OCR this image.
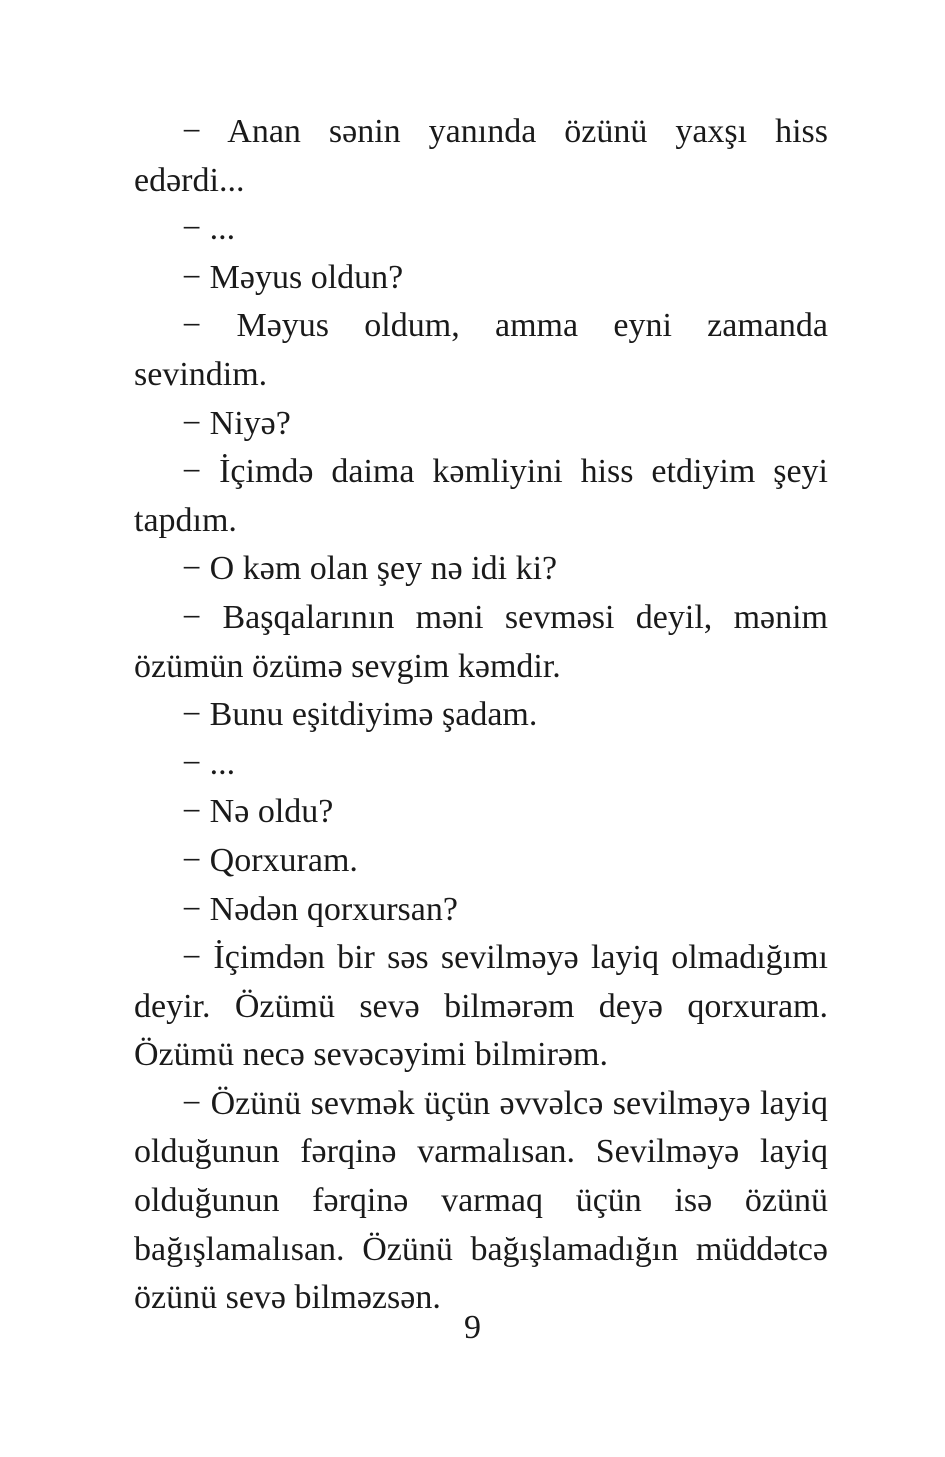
− Anan sənin yanında özünü yaxşı hiss edərdi...

− ...

− Məyus oldun?

− Məyus oldum, amma eyni zamanda sevindim.

− Niyə?

− İçimdə daima kəmliyini hiss etdiyim şeyi tapdım.

− O kəm olan şey nə idi ki?

− Başqalarının məni sevməsi deyil, mənim özümün özümə sevgim kəmdir.

− Bunu eşitdiyimə şadam.

− ...

− Nə oldu?

− Qorxuram.

− Nədən qorxursan?

− İçimdən bir səs sevilməyə layiq olmadığımı deyir. Özümü sevə bilmərəm deyə qorxuram. Özümü necə sevəcəyimi bilmirəm.

− Özünü sevmək üçün əvvəlcə sevilməyə layiq olduğunun fərqinə varmalısan. Sevilməyə layiq olduğunun fərqinə varmaq üçün isə özünü bağışlamalısan. Özünü bağışlamadığın müddətcə özünü sevə bilməzsən.

9
